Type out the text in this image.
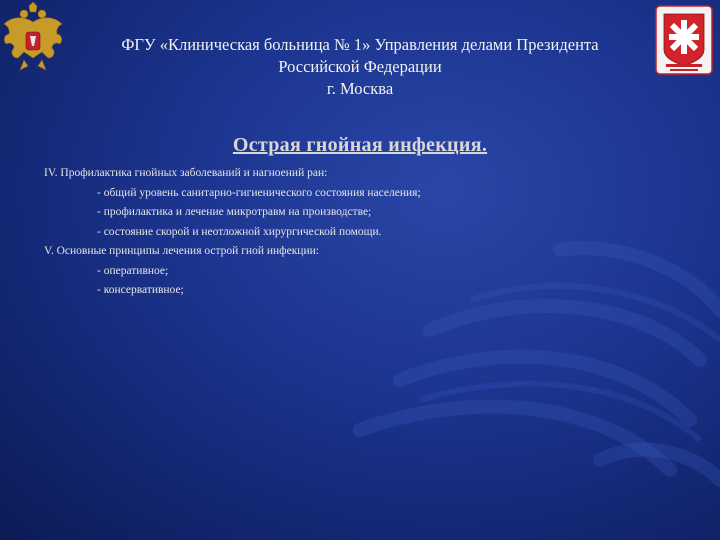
ФГУ «Клиническая больница № 1» Управления делами Президента
Российской Федерации
г. Москва
Острая гнойная инфекция.
IV. Профилактика гнойных заболеваний и нагноений ран:
- общий уровень санитарно-гигиенического состояния населения;
- профилактика и лечение микротравм на производстве;
- состояние скорой и неотложной хирургической помощи.
V. Основные принципы лечения острой гной инфекции:
- оперативное;
- консервативное;
